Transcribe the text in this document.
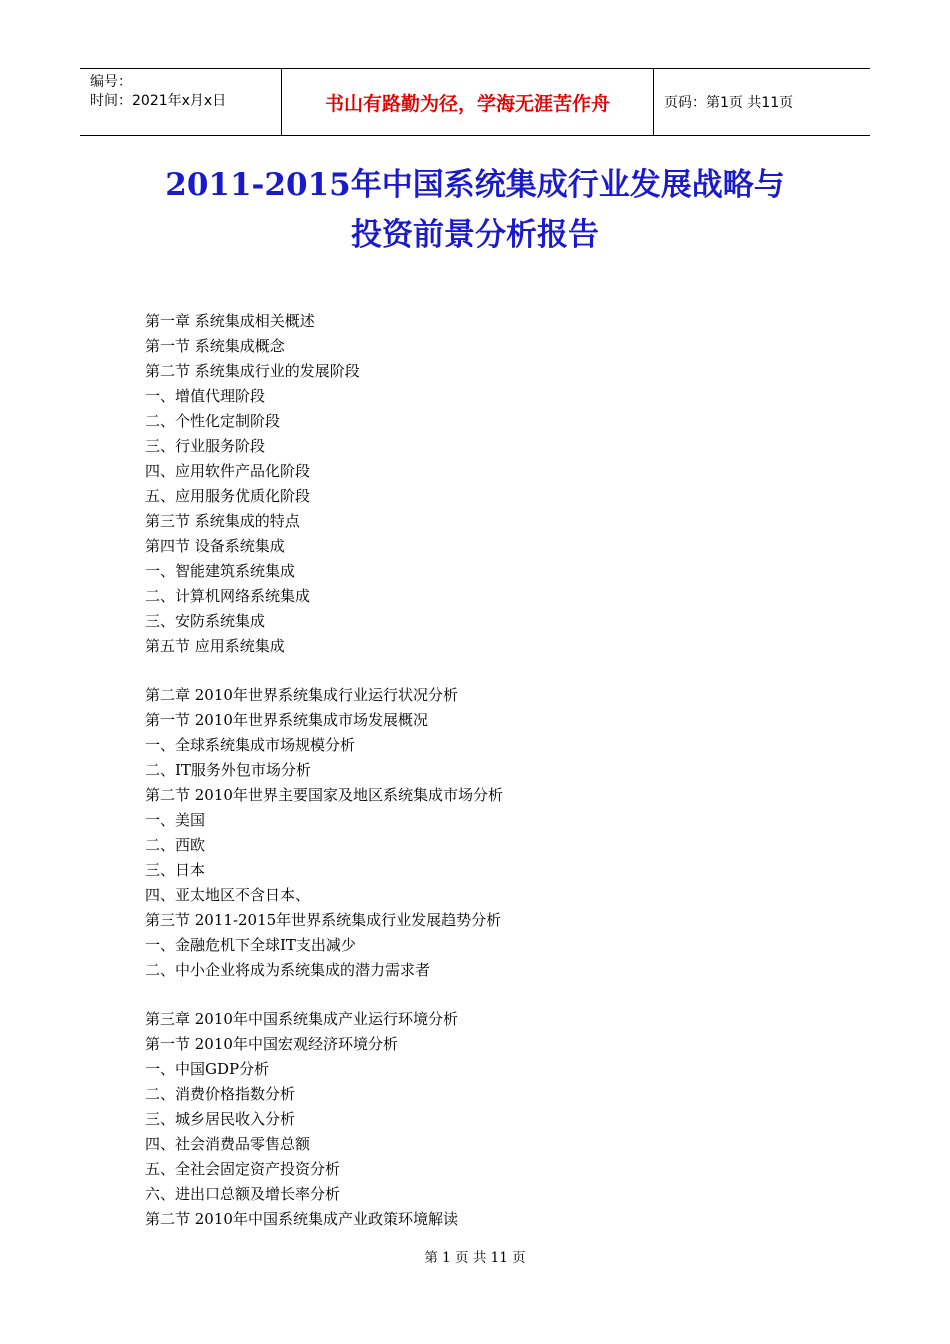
编号：
时间：2021年x月x日	书山有路勤为径，学海无涯苦作舟	页码：第1页 共11页
2011-2015年中国系统集成行业发展战略与
投资前景分析报告
第一章 系统集成相关概述
第一节 系统集成概念
第二节 系统集成行业的发展阶段
一、增值代理阶段
二、个性化定制阶段
三、行业服务阶段
四、应用软件产品化阶段
五、应用服务优质化阶段
第三节 系统集成的特点
第四节 设备系统集成
一、智能建筑系统集成
二、计算机网络系统集成
三、安防系统集成
第五节 应用系统集成
第二章 2010年世界系统集成行业运行状况分析
第一节 2010年世界系统集成市场发展概况
一、全球系统集成市场规模分析
二、IT服务外包市场分析
第二节 2010年世界主要国家及地区系统集成市场分析
一、美国
二、西欧
三、日本
四、亚太地区不含日本、
第三节 2011-2015年世界系统集成行业发展趋势分析
一、金融危机下全球IT支出减少
二、中小企业将成为系统集成的潜力需求者
第三章 2010年中国系统集成产业运行环境分析
第一节 2010年中国宏观经济环境分析
一、中国GDP分析
二、消费价格指数分析
三、城乡居民收入分析
四、社会消费品零售总额
五、全社会固定资产投资分析
六、进出口总额及增长率分析
第二节 2010年中国系统集成产业政策环境解读
第 1 页 共 11 页
